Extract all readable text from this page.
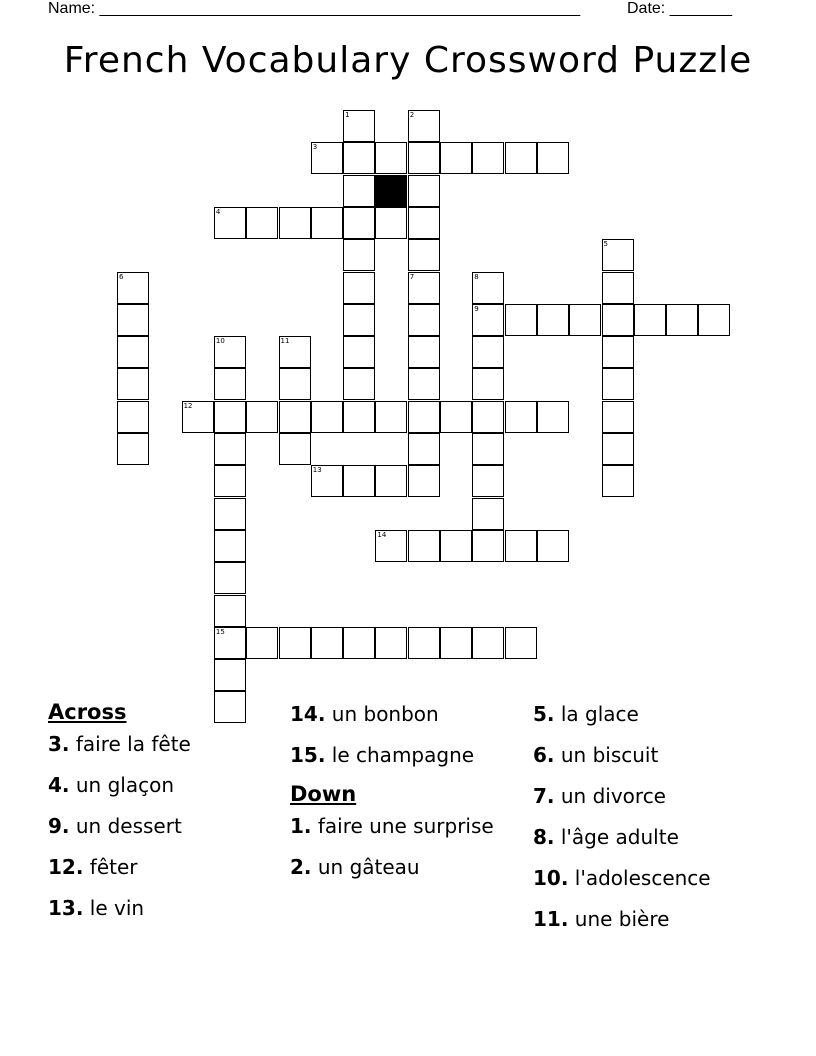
Name: ______________________________________________________	Date: _______
French Vocabulary Crossword Puzzle
1	2
7
3
4
5
6	8
9
10
15
11
12
13
14
Across
3. faire la fête
4. un glaçon
9. un dessert
12. fêter
13. le vin
14. un bonbon
15. le champagne
Down
1. faire une surprise
2. un gâteau
5. la glace
6. un biscuit
7. un divorce
8. l'âge adulte
10. l'adolescence
11. une bière
